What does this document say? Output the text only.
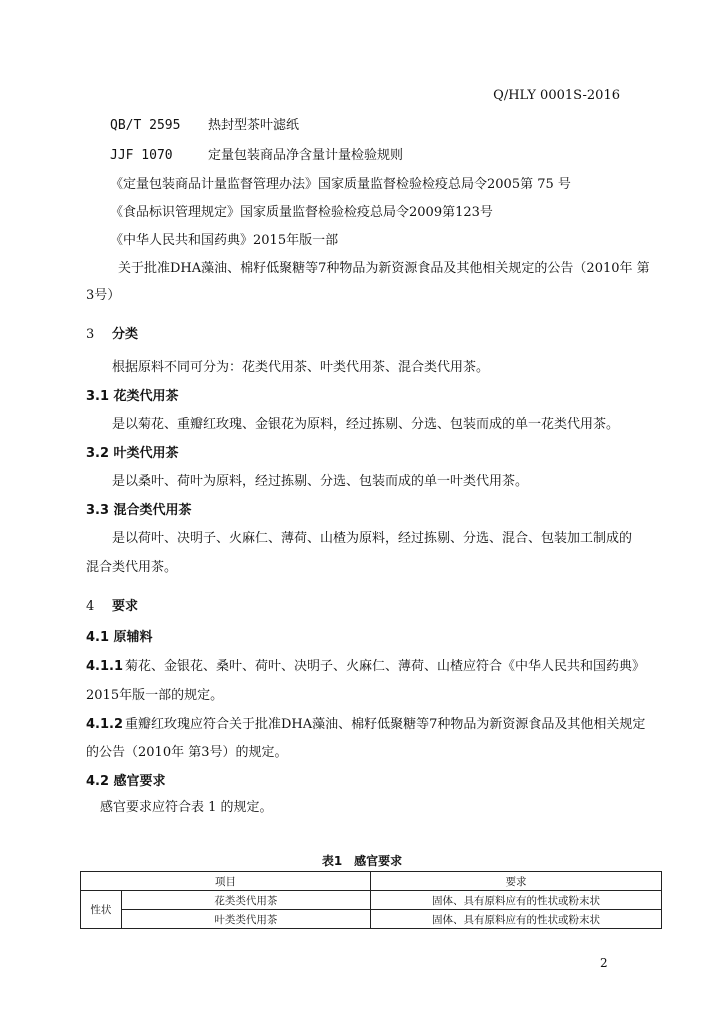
Q/HLY 0001S-2016
QB/T 2595 热封型茶叶滤纸
JJF 1070	定量包装商品净含量计量检验规则
《定量包装商品计量监督管理办法》国家质量监督检验检疫总局令2005第 75 号
《食品标识管理规定》国家质量监督检验检疫总局令2009第123号
《中华人民共和国药典》2015年版一部
关于批准DHA藻油、棉籽低聚糖等7种物品为新资源食品及其他相关规定的公告（2010年 第
3号）
3 分类
根据原料不同可分为：花类代用茶、叶类代用茶、混合类代用茶。
3.1 花类代用茶
是以菊花、重瓣红玫瑰、金银花为原料，经过拣剔、分选、包装而成的单一花类代用茶。
3.2 叶类代用茶
是以桑叶、荷叶为原料，经过拣剔、分选、包装而成的单一叶类代用茶。
3.3 混合类代用茶
是以荷叶、决明子、火麻仁、薄荷、山楂为原料，经过拣剔、分选、混合、包装加工制成的
混合类代用茶。
4 要求
4.1 原辅料
4.1.1 菊花、金银花、桑叶、荷叶、决明子、火麻仁、薄荷、山楂应符合《中华人民共和国药典》
2015年版一部的规定。
4.1.2 重瓣红玫瑰应符合关于批准DHA藻油、棉籽低聚糖等7种物品为新资源食品及其他相关规定
的公告（2010年 第3号）的规定。
4.2 感官要求
感官要求应符合表 1 的规定。
表1　感官要求
项目		要求
性状	花类类代用茶	固体、具有原料应有的性状或粉末状
	叶类类代用茶	固体、具有原料应有的性状或粉末状
2
